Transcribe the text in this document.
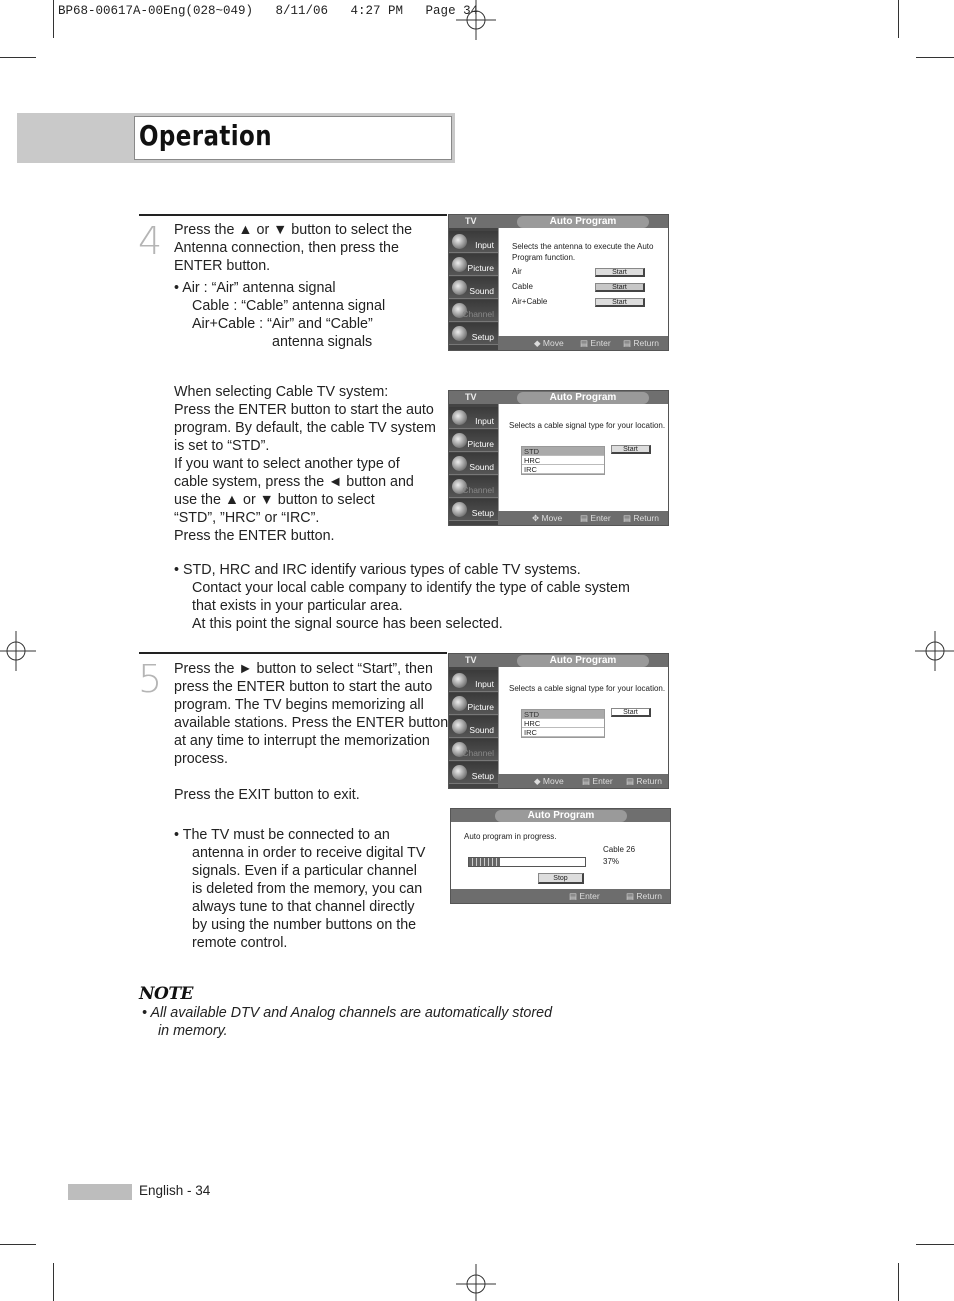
BP68-00617A-00Eng(028~049)   8/11/06   4:27 PM   Page 34
Operation
4 Press the ▲ or ▼ button to select the
Antenna connection, then press the
ENTER button.
• Air : “Air” antenna signal
Cable : “Cable” antenna signal
Air+Cable : “Air” and “Cable”
antenna signals
When selecting Cable TV system:
Press the ENTER button to start the auto
program. By default, the cable TV system
is set to “STD”.
If you want to select another type of
cable system, press the ◄ button and
use the ▲ or ▼ button to select
“STD”, ”HRC” or “IRC”.
Press the ENTER button.
• STD, HRC and IRC identify various types of cable TV systems.
Contact your local cable company to identify the type of cable system
that exists in your particular area.
At this point the signal source has been selected.
TV	Auto Program
Input
Picture
Sound
Channel
Setup
Selects the antenna to execute the Auto
Program function.
Air
Cable
Air+Cable
Start
Start
Start
◆ Move ▤ Enter ▤ Return
TV	Auto Program
Input
Picture
Sound
Channel
Setup
Selects a cable signal type for your location.
STD
HRC
IRC
Start
✥ Move ▤ Enter ▤ Return
5 Press the ► button to select “Start”, then
press the ENTER button to start the auto
program. The TV begins memorizing all
available stations. Press the ENTER button
at any time to interrupt the memorization
process.
Press the EXIT button to exit.
• The TV must be connected to an
antenna in order to receive digital TV
signals. Even if a particular channel
is deleted from the memory, you can
always tune to that channel directly
by using the number buttons on the
remote control.
TV	Auto Program
Input
Picture
Sound
Channel
Setup
Selects a cable signal type for your location.
STD
HRC
IRC
Start
◆ Move ▤ Enter ▤ Return
Auto Program
Auto program in progress.
Cable 26
37%
Stop
▤ Enter	▤ Return
NOTE
• All available DTV and Analog channels are automatically stored
in memory.
English - 34
